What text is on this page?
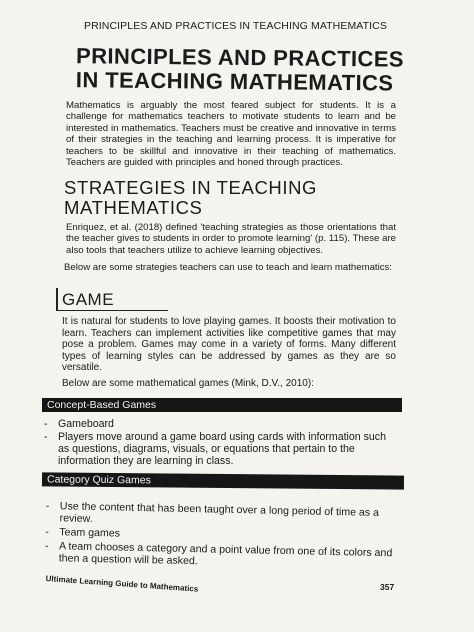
PRINCIPLES AND PRACTICES IN TEACHING MATHEMATICS
PRINCIPLES AND PRACTICES IN TEACHING MATHEMATICS
Mathematics is arguably the most feared subject for students. It is a challenge for mathematics teachers to motivate students to learn and be interested in mathematics. Teachers must be creative and innovative in terms of their strategies in the teaching and learning process. It is imperative for teachers to be skillful and innovative in their teaching of mathematics. Teachers are guided with principles and honed through practices.
STRATEGIES IN TEACHING MATHEMATICS
Enriquez, et al. (2018) defined 'teaching strategies as those orientations that the teacher gives to students in order to promote learning' (p. 115). These are also tools that teachers utilize to achieve learning objectives.
Below are some strategies teachers can use to teach and learn mathematics:
GAME
It is natural for students to love playing games. It boosts their motivation to learn. Teachers can implement activities like competitive games that may pose a problem. Games may come in a variety of forms. Many different types of learning styles can be addressed by games as they are so versatile.
Below are some mathematical games (Mink, D.V., 2010):
Concept-Based Games
- Gameboard
- Players move around a game board using cards with information such as questions, diagrams, visuals, or equations that pertain to the information they are learning in class.
Category Quiz Games
- Use the content that has been taught over a long period of time as a review.
- Team games
- A team chooses a category and a point value from one of its colors and then a question will be asked.
Ultimate Learning Guide to Mathematics	357
